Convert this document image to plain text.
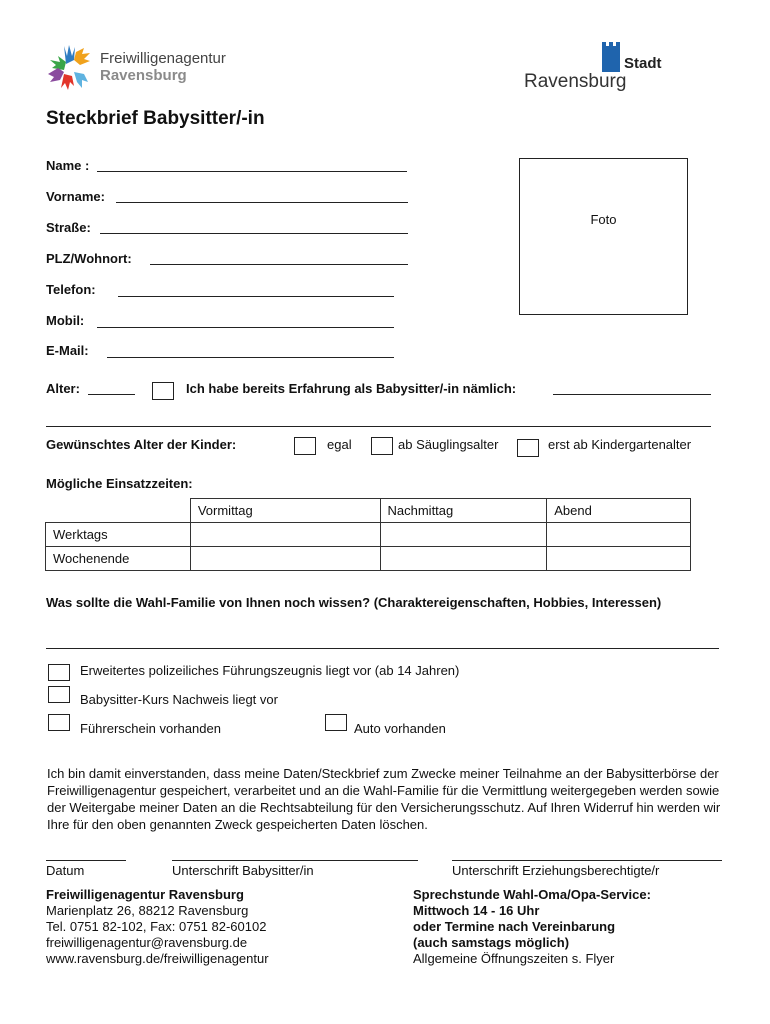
Freiwilligenagentur
Ravensburg
Stadt
Ravensburg
Steckbrief Babysitter/-in
Name :
Vorname:
Straße:
PLZ/Wohnort:
Telefon:
Mobil:
E-Mail:
Foto
Alter:	Ich habe bereits Erfahrung als Babysitter/-in nämlich:
Gewünschtes Alter der Kinder:	egal	ab Säuglingsalter	erst ab Kindergartenalter
Mögliche Einsatzzeiten:
	Vormittag	Nachmittag	Abend
Werktags			
Wochenende			
Was sollte die Wahl-Familie von Ihnen noch wissen? (Charaktereigenschaften, Hobbies, Interessen)
Erweitertes polizeiliches Führungszeugnis liegt vor (ab 14 Jahren)
Babysitter-Kurs Nachweis liegt vor
Führerschein vorhanden	Auto vorhanden
Ich bin damit einverstanden, dass meine Daten/Steckbrief zum Zwecke meiner Teilnahme an der Babysitterbörse der Freiwilligenagentur gespeichert, verarbeitet und an die Wahl-Familie für die Vermittlung weitergegeben werden sowie der Weitergabe meiner Daten an die Rechtsabteilung für den Versicherungsschutz. Auf Ihren Widerruf hin werden wir Ihre für den oben genannten Zweck gespeicherten Daten löschen.
Datum	Unterschrift Babysitter/in	Unterschrift Erziehungsberechtigte/r
Freiwilligenagentur Ravensburg
Marienplatz 26, 88212 Ravensburg
Tel. 0751 82-102, Fax: 0751 82-60102
freiwilligenagentur@ravensburg.de
www.ravensburg.de/freiwilligenagentur
Sprechstunde Wahl-Oma/Opa-Service:
Mittwoch 14 - 16 Uhr
oder Termine nach Vereinbarung
(auch samstags möglich)
Allgemeine Öffnungszeiten s. Flyer
